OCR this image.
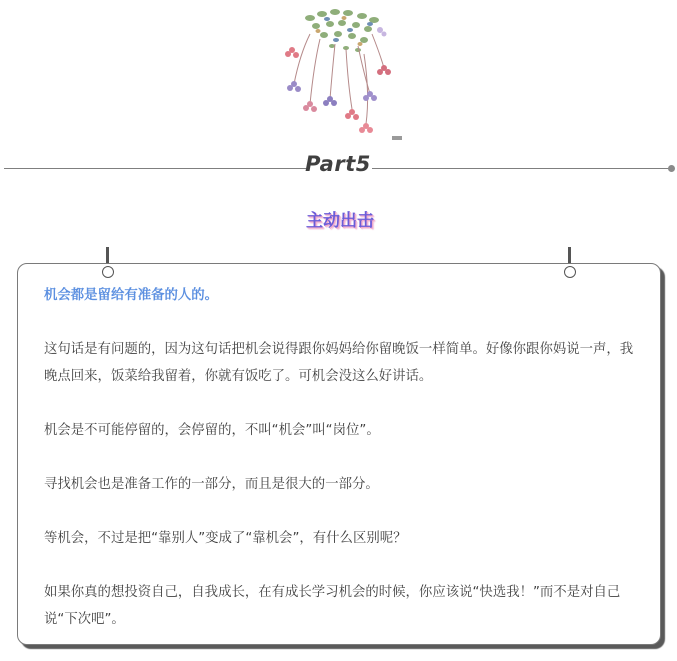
Part5
主动出击

机会都是留给有准备的人的。

这句话是有问题的，因为这句话把机会说得跟你妈妈给你留晚饭一样简单。好像你跟你妈说一声，我晚点回来，饭菜给我留着，你就有饭吃了。可机会没这么好讲话。

机会是不可能停留的，会停留的，不叫“机会”叫“岗位”。

寻找机会也是准备工作的一部分，而且是很大的一部分。

等机会，不过是把“靠别人”变成了“靠机会”，有什么区别呢？

如果你真的想投资自己，自我成长，在有成长学习机会的时候，你应该说“快选我！”而不是对自己说“下次吧”。
